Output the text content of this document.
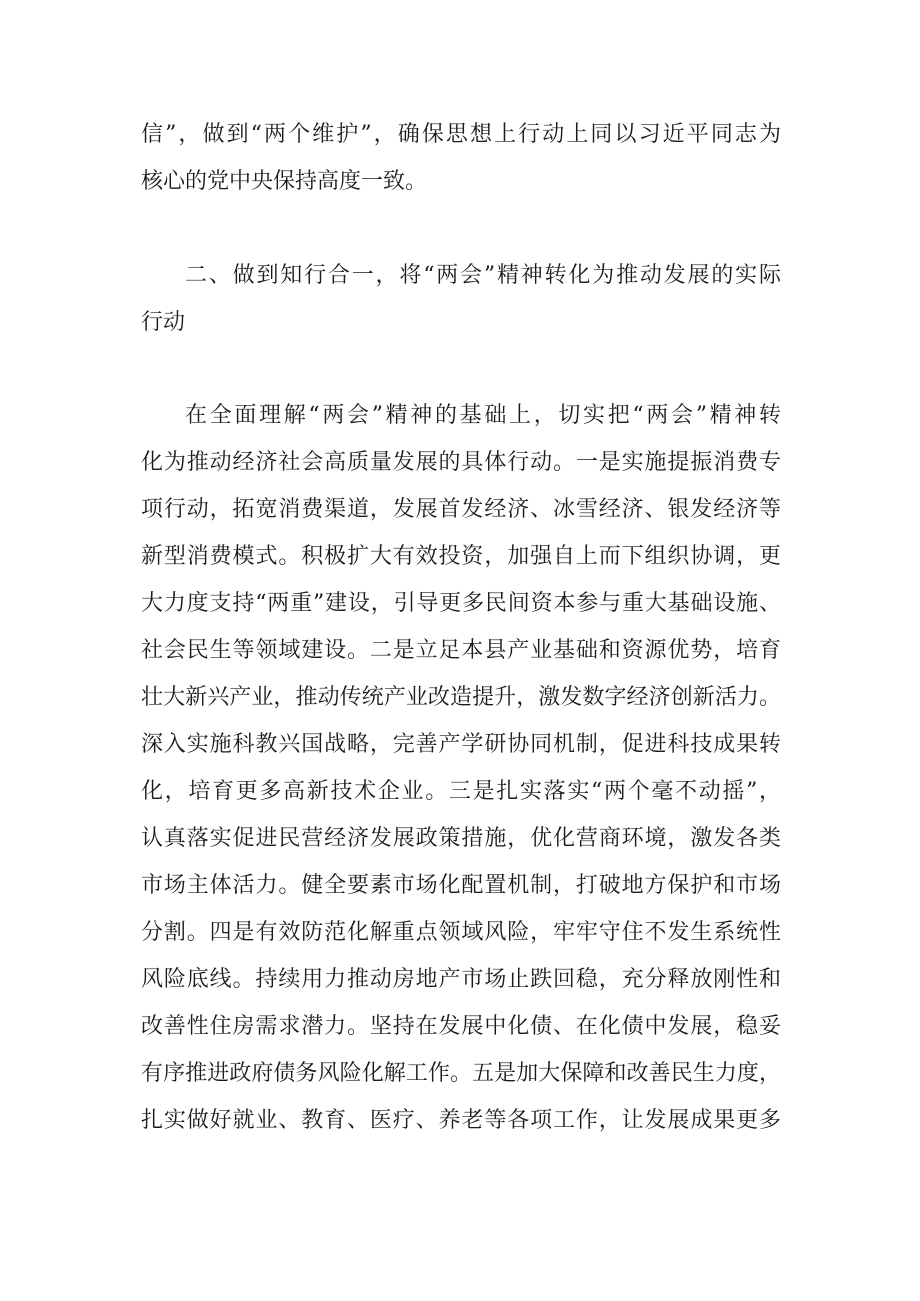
信”，做到“两个维护”，确保思想上行动上同以习近平同志为
核心的党中央保持高度一致。
二、做到知行合一，将“两会”精神转化为推动发展的实际
行动
在全面理解“两会”精神的基础上，切实把“两会”精神转
化为推动经济社会高质量发展的具体行动。一是实施提振消费专
项行动，拓宽消费渠道，发展首发经济、冰雪经济、银发经济等
新型消费模式。积极扩大有效投资，加强自上而下组织协调，更
大力度支持“两重”建设，引导更多民间资本参与重大基础设施、
社会民生等领域建设。二是立足本县产业基础和资源优势，培育
壮大新兴产业，推动传统产业改造提升，激发数字经济创新活力。
深入实施科教兴国战略，完善产学研协同机制，促进科技成果转
化，培育更多高新技术企业。三是扎实落实“两个毫不动摇”，
认真落实促进民营经济发展政策措施，优化营商环境，激发各类
市场主体活力。健全要素市场化配置机制，打破地方保护和市场
分割。四是有效防范化解重点领域风险，牢牢守住不发生系统性
风险底线。持续用力推动房地产市场止跌回稳，充分释放刚性和
改善性住房需求潜力。坚持在发展中化债、在化债中发展，稳妥
有序推进政府债务风险化解工作。五是加大保障和改善民生力度，
扎实做好就业、教育、医疗、养老等各项工作，让发展成果更多
